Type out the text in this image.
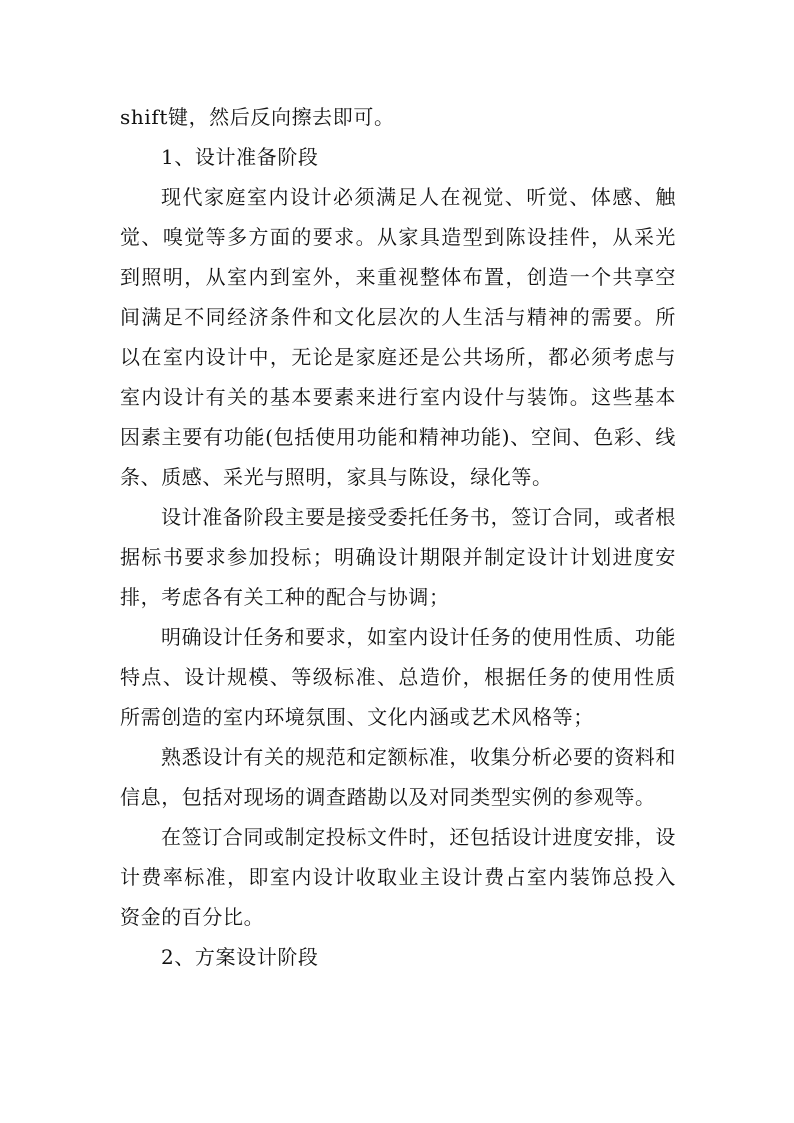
shift键，然后反向擦去即可。

1、设计准备阶段

现代家庭室内设计必须满足人在视觉、听觉、体感、触觉、嗅觉等多方面的要求。从家具造型到陈设挂件，从采光到照明，从室内到室外，来重视整体布置，创造一个共享空间满足不同经济条件和文化层次的人生活与精神的需要。所以在室内设计中，无论是家庭还是公共场所，都必须考虑与室内设计有关的基本要素来进行室内设什与装饰。这些基本因素主要有功能(包括使用功能和精神功能)、空间、色彩、线条、质感、采光与照明，家具与陈设，绿化等。

设计准备阶段主要是接受委托任务书，签订合同，或者根据标书要求参加投标；明确设计期限并制定设计计划进度安排，考虑各有关工种的配合与协调；

明确设计任务和要求，如室内设计任务的使用性质、功能特点、设计规模、等级标准、总造价，根据任务的使用性质所需创造的室内环境氛围、文化内涵或艺术风格等；

熟悉设计有关的规范和定额标准，收集分析必要的资料和信息，包括对现场的调查踏勘以及对同类型实例的参观等。

在签订合同或制定投标文件时，还包括设计进度安排，设计费率标准，即室内设计收取业主设计费占室内装饰总投入资金的百分比。

2、方案设计阶段
